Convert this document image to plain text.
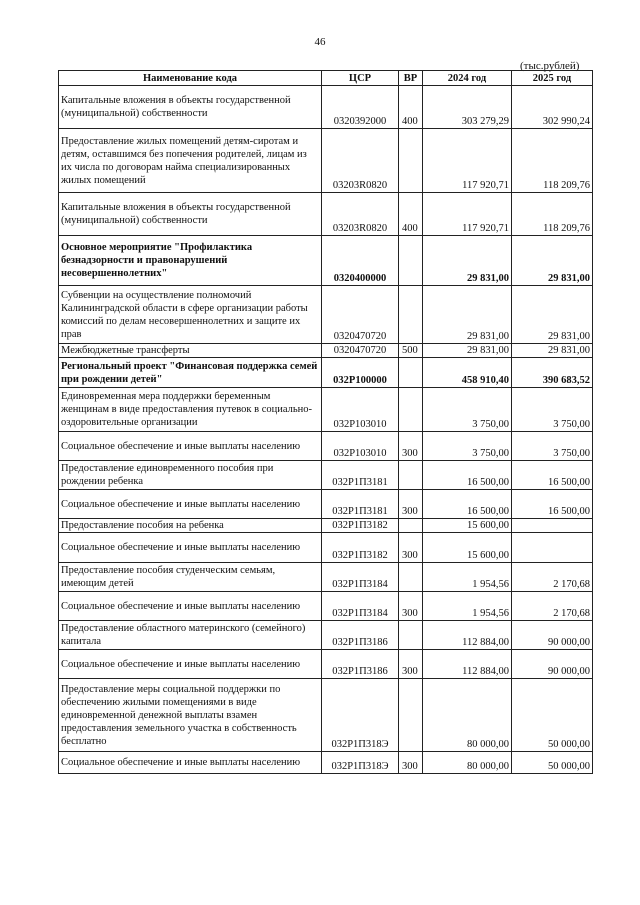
46
(тыс.рублей)
Наименование кода	ЦСР	ВР	2024 год	2025 год
Капитальные вложения в объекты государственной (муниципальной) собственности	0320392000	400	303 279,29	302 990,24
Предоставление жилых помещений детям-сиротам и детям, оставшимся без попечения родителей, лицам из их числа по договорам найма специализированных жилых помещений	03203R0820		117 920,71	118 209,76
Капитальные вложения в объекты государственной (муниципальной) собственности	03203R0820	400	117 920,71	118 209,76
Основное мероприятие "Профилактика безнадзорности и правонарушений несовершеннолетних"	0320400000		29 831,00	29 831,00
Субвенции на осуществление полномочий Калининградской области в сфере организации работы комиссий по делам несовершеннолетних и защите их прав	0320470720		29 831,00	29 831,00
Межбюджетные трансферты	0320470720	500	29 831,00	29 831,00
Региональный проект "Финансовая поддержка семей при рождении детей"	032P100000		458 910,40	390 683,52
Единовременная мера поддержки беременным женщинам в виде предоставления путевок в социально-оздоровительные организации	032P103010		3 750,00	3 750,00
Социальное обеспечение и иные выплаты населению	032P103010	300	3 750,00	3 750,00
Предоставление единовременного пособия при рождении ребенка	032P1П3181		16 500,00	16 500,00
Социальное обеспечение и иные выплаты населению	032P1П3181	300	16 500,00	16 500,00
Предоставление пособия на ребенка	032P1П3182		15 600,00	
Социальное обеспечение и иные выплаты населению	032P1П3182	300	15 600,00	
Предоставление пособия студенческим семьям, имеющим детей	032P1П3184		1 954,56	2 170,68
Социальное обеспечение и иные выплаты населению	032P1П3184	300	1 954,56	2 170,68
Предоставление областного материнского (семейного) капитала	032P1П3186		112 884,00	90 000,00
Социальное обеспечение и иные выплаты населению	032P1П3186	300	112 884,00	90 000,00
Предоставление меры социальной поддержки по обеспечению жилыми помещениями в виде единовременной денежной выплаты взамен предоставления земельного участка в собственность бесплатно	032P1П318Э		80 000,00	50 000,00
Социальное обеспечение и иные выплаты населению	032P1П318Э	300	80 000,00	50 000,00
